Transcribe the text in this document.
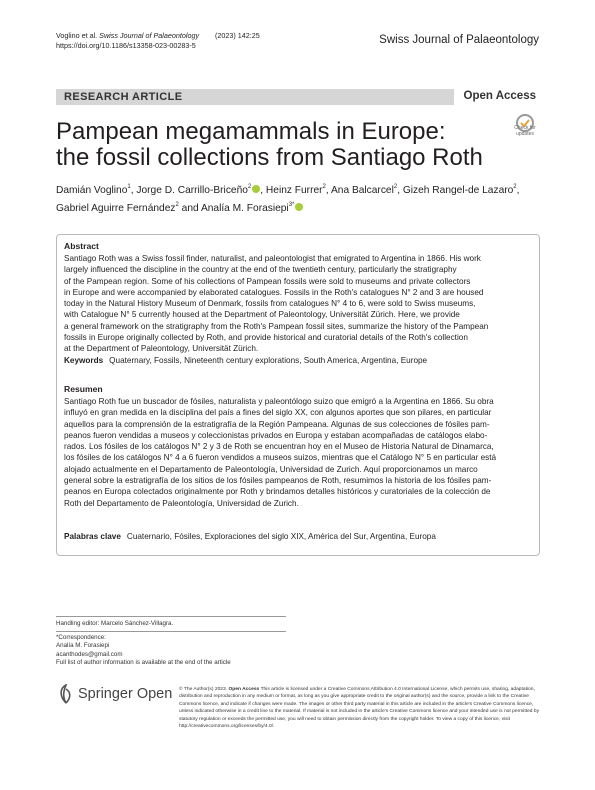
Voglino et al. Swiss Journal of Palaeontology (2023) 142:25
https://doi.org/10.1186/s13358-023-00283-5	Swiss Journal of Palaeontology
RESEARCH ARTICLE	Open Access
Check for updates
Pampean megamammals in Europe:
the fossil collections from Santiago Roth
Damián Voglino$^1$, Jorge D. Carrillo-Briceño$^2$ , Heinz Furrer$^2$, Ana Balcarcel$^2$, Gizeh Rangel-de Lazaro$^2$, Gabriel Aguirre Fernández$^2$ and Analía M. Forasiepi$^{3*}$
Abstract
Santiago Roth was a Swiss fossil finder, naturalist, and paleontologist that emigrated to Argentina in 1866. His work
largely influenced the discipline in the country at the end of the twentieth century, particularly the stratigraphy
of the Pampean region. Some of his collections of Pampean fossils were sold to museums and private collectors
in Europe and were accompanied by elaborated catalogues. Fossils in the Roth's catalogues N° 2 and 3 are housed
today in the Natural History Museum of Denmark, fossils from catalogues N° 4 to 6, were sold to Swiss museums,
with Catalogue N° 5 currently housed at the Department of Paleontology, Universität Zürich. Here, we provide
a general framework on the stratigraphy from the Roth's Pampean fossil sites, summarize the history of the Pampean
fossils in Europe originally collected by Roth, and provide historical and curatorial details of the Roth's collection
at the Department of Paleontology, Universität Zürich.
Keywords Quaternary, Fossils, Nineteenth century explorations, South America, Argentina, Europe
Resumen
Santiago Roth fue un buscador de fósiles, naturalista y paleontólogo suizo que emigró a la Argentina en 1866. Su obra
influyó en gran medida en la disciplina del país a fines del siglo XX, con algunos aportes que son pilares, en particular
aquellos para la comprensión de la estratigrafía de la Región Pampeana. Algunas de sus colecciones de fósiles pam-
peanos fueron vendidas a museos y coleccionistas privados en Europa y estaban acompañadas de catálogos elabo-
rados. Los fósiles de los catálogos N° 2 y 3 de Roth se encuentran hoy en el Museo de Historia Natural de Dinamarca,
los fósiles de los catálogos N° 4 a 6 fueron vendidos a museos suizos, mientras que el Catálogo N° 5 en particular está
alojado actualmente en el Departamento de Paleontología, Universidad de Zurich. Aquí proporcionamos un marco
general sobre la estratigrafía de los sitios de los fósiles pampeanos de Roth, resumimos la historia de los fósiles pam-
peanos en Europa colectados originalmente por Roth y brindamos detalles históricos y curatoriales de la colección de
Roth del Departamento de Paleontología, Universidad de Zurich.
Palabras clave Cuaternario, Fósiles, Exploraciones del siglo XIX, América del Sur, Argentina, Europa
Handling editor: Marcelo Sánchez-Villagra.
*Correspondence:
Analía M. Forasiepi
acanthodes@gmail.com
Full list of author information is available at the end of the article
Springer Open © The Author(s) 2023. Open Access This article is licensed under a Creative Commons Attribution 4.0 International License, which permits use, sharing, adaptation, distribution and reproduction in any medium or format, as long as you give appropriate credit to the original author(s) and the source, provide a link to the Creative Commons licence, and indicate if changes were made. The images or other third party material in this article are included in the article's Creative Commons licence, unless indicated otherwise in a credit line to the material. If material is not included in the article's Creative Commons licence and your intended use is not permitted by statutory regulation or exceeds the permitted use, you will need to obtain permission directly from the copyright holder. To view a copy of this licence, visit http://creativecommons.org/licenses/by/4.0/.
